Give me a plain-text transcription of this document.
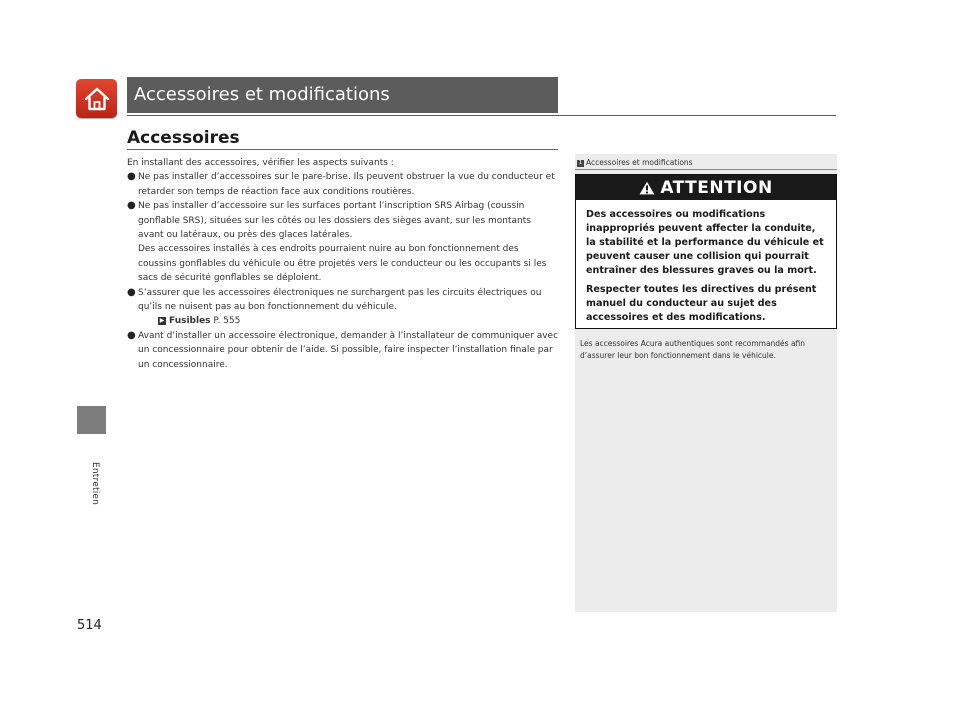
Accessoires et modifications
Entretien
514
Accessoires

En installant des accessoires, vérifier les aspects suivants :

● Ne pas installer d’accessoires sur le pare-brise. Ils peuvent obstruer la vue du conducteur et retarder son temps de réaction face aux conditions routières.
● Ne pas installer d’accessoire sur les surfaces portant l’inscription SRS Airbag (coussin gonflable SRS), situées sur les côtés ou les dossiers des sièges avant, sur les montants avant ou latéraux, ou près des glaces latérales.
Des accessoires installés à ces endroits pourraient nuire au bon fonctionnement des coussins gonflables du véhicule ou être projetés vers le conducteur ou les occupants si les sacs de sécurité gonflables se déploient.
● S’assurer que les accessoires électroniques ne surchargent pas les circuits électriques ou qu’ils ne nuisent pas au bon fonctionnement du véhicule.
▶ Fusibles P. 555
● Avant d’installer un accessoire électronique, demander à l’installateur de communiquer avec un concessionnaire pour obtenir de l’aide. Si possible, faire inspecter l’installation finale par un concessionnaire.
1 Accessoires et modifications
ATTENTION

Des accessoires ou modifications inappropriés peuvent affecter la conduite, la stabilité et la performance du véhicule et peuvent causer une collision qui pourrait entraîner des blessures graves ou la mort.

Respecter toutes les directives du présent manuel du conducteur au sujet des accessoires et des modifications.

Les accessoires Acura authentiques sont recommandés afin d’assurer leur bon fonctionnement dans le véhicule.
